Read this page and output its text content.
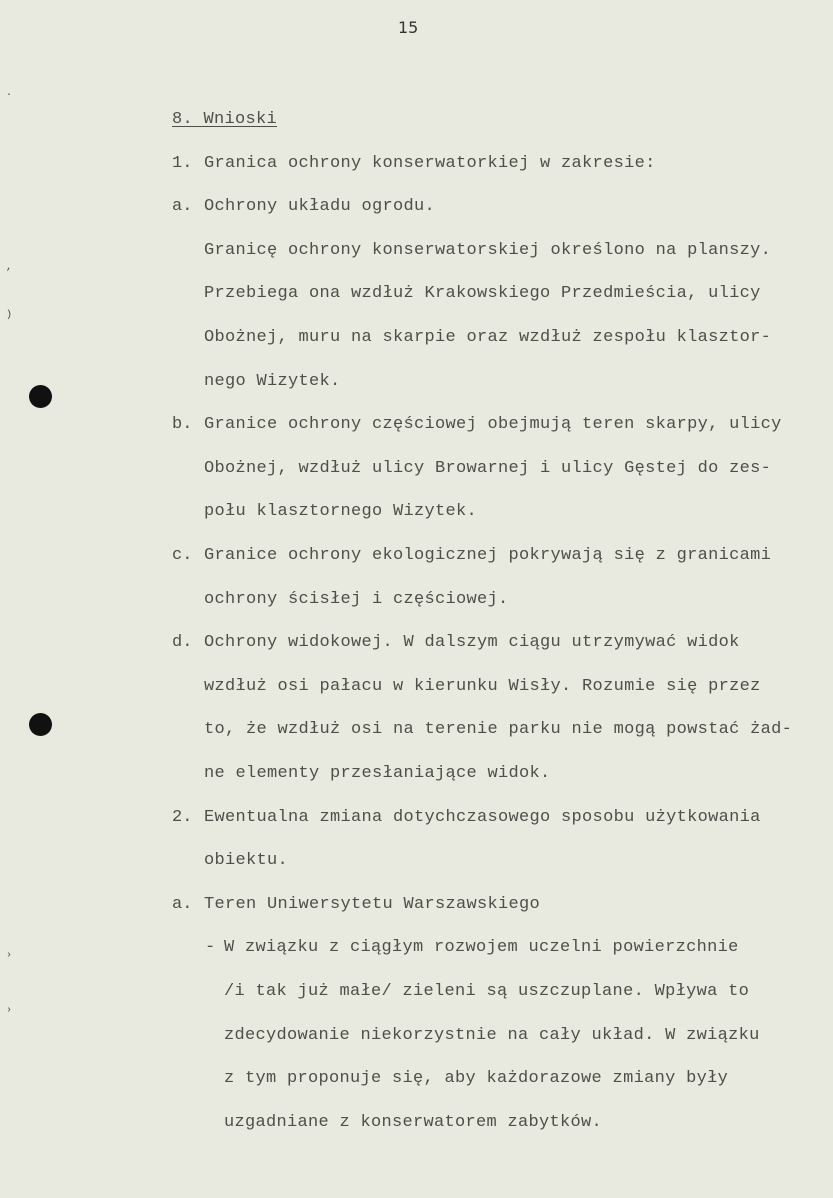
15
.
,
)
›
›
8. Wnioski
1. Granica ochrony konserwatorkiej w zakresie:
a. Ochrony układu ogrodu.
Granicę ochrony konserwatorskiej określono na planszy.
Przebiega ona wzdłuż Krakowskiego Przedmieścia, ulicy
Obożnej, muru na skarpie oraz wzdłuż zespołu klasztor-
nego Wizytek.
b. Granice ochrony częściowej obejmują teren skarpy, ulicy
Obożnej, wzdłuż ulicy Browarnej i ulicy Gęstej do zes-
połu klasztornego Wizytek.
c. Granice ochrony ekologicznej pokrywają się z granicami
ochrony ścisłej i częściowej.
d. Ochrony widokowej. W dalszym ciągu utrzymywać widok
wzdłuż osi pałacu w kierunku Wisły. Rozumie się przez
to, że wzdłuż osi na terenie parku nie mogą powstać żad-
ne elementy przesłaniające widok.
2. Ewentualna zmiana dotychczasowego sposobu użytkowania
obiektu.
a. Teren Uniwersytetu Warszawskiego
- W związku z ciągłym rozwojem uczelni powierzchnie
/i tak już małe/ zieleni są uszczuplane. Wpływa to
zdecydowanie niekorzystnie na cały układ. W związku
z tym proponuje się, aby każdorazowe zmiany były
uzgadniane z konserwatorem zabytków.
